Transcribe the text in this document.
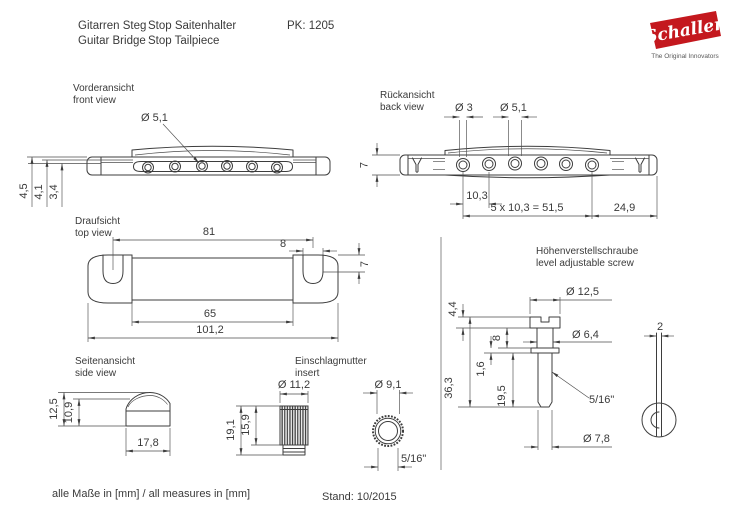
Gitarren Steg
Guitar Bridge
Stop Saitenhalter
Stop Tailpiece
PK: 1205	Schaller
The Original Innovators
Vorderansicht
front view
4,5 4,1 3,4
Ø 5,1
Rückansicht
back view	Ø 3 Ø 5,1
7
10,3
5 x 10,3 = 51,5	24,9
Draufsicht
top view	81
8
7
65
101,2
Seitenansicht
side view
12,5 10,9
17,8
Einschlagmutter
insert
Ø 11,2
19,1 15,9
Ø 9,1
5/16"
Höhenverstellschraube
level adjustable screw
4,4
36,3
8
1,6
19,5
Ø 12,5
Ø 6,4
5/16"
Ø 7,8
2
alle Maße in [mm] / all measures in [mm]	Stand: 10/2015
